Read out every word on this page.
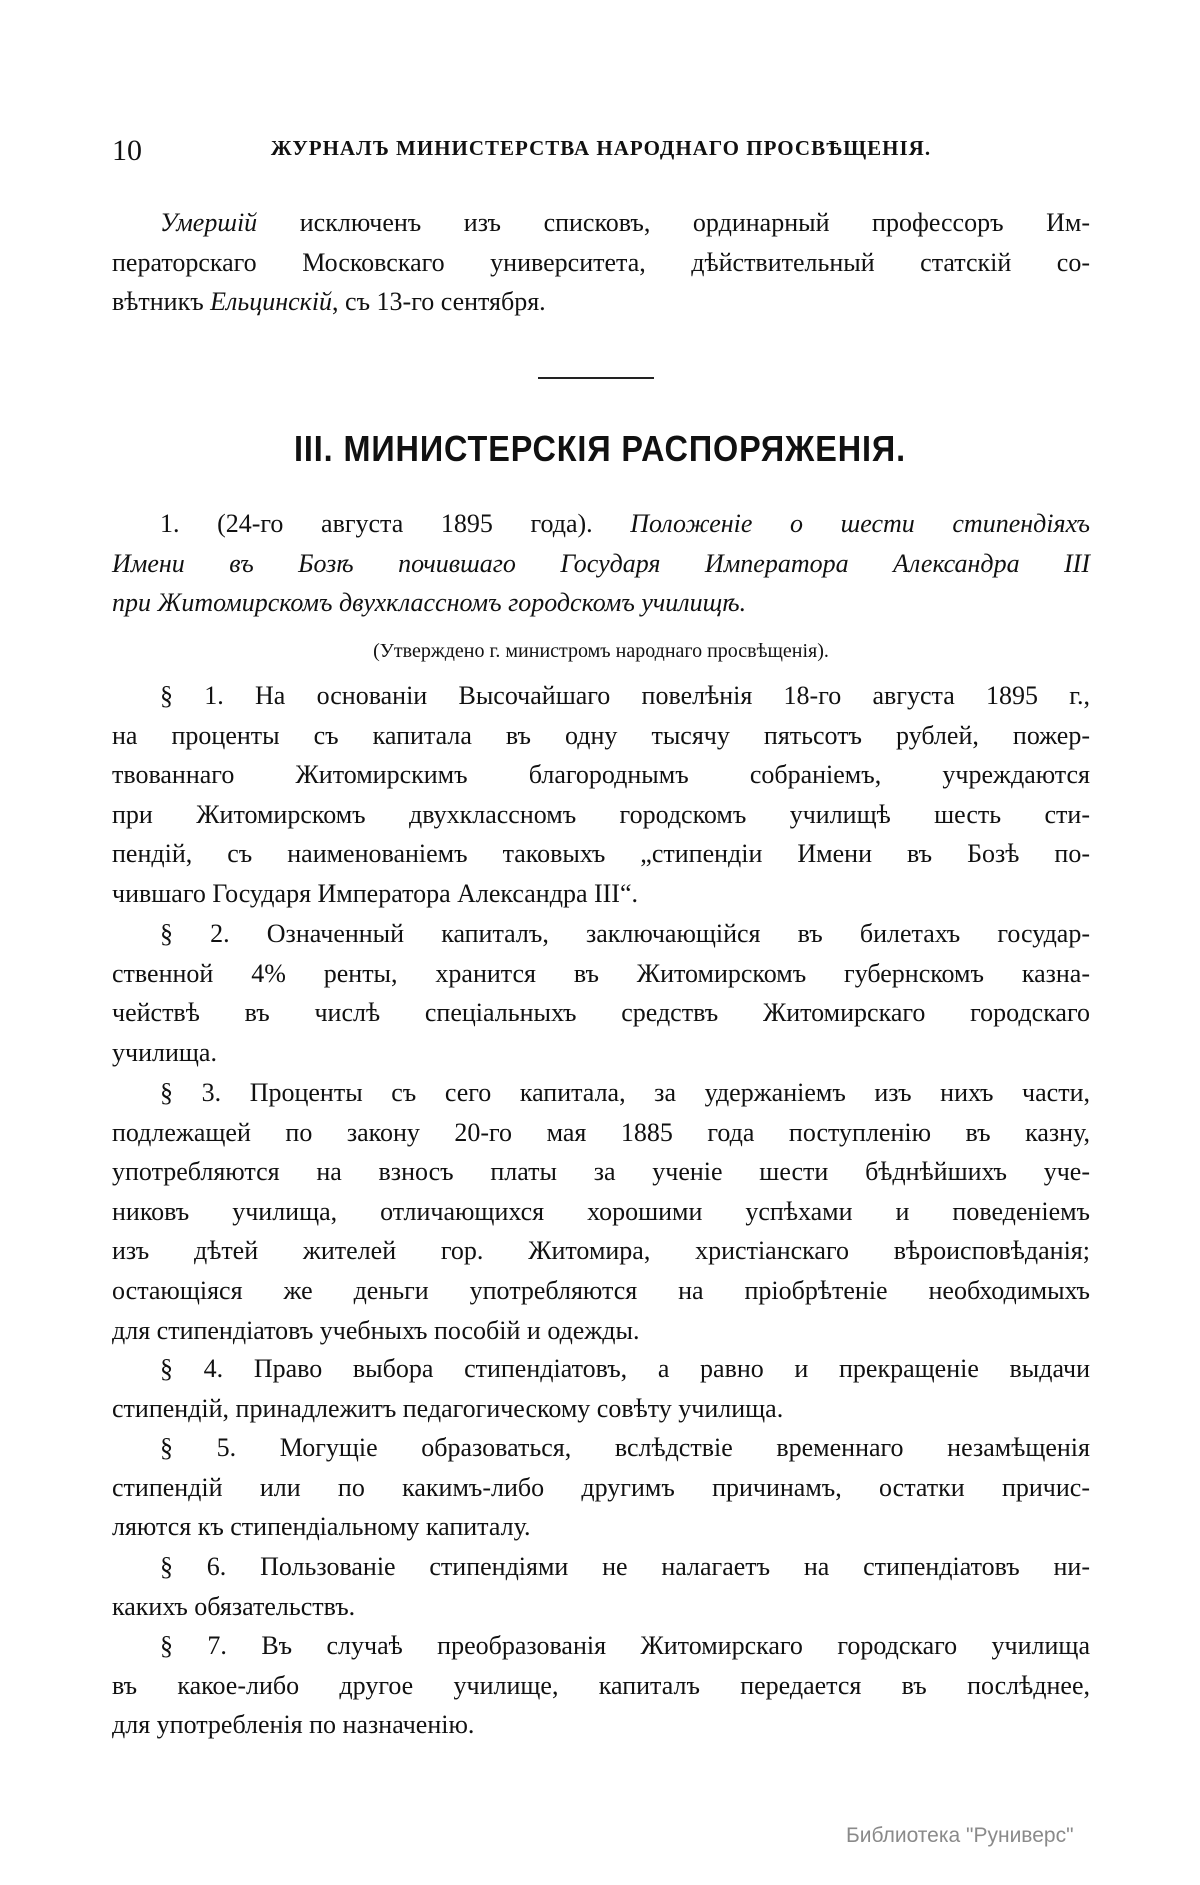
10	ЖУРНАЛЪ МИНИСТЕРСТВА НАРОДНАГО ПРОСВѢЩЕНІЯ.
Умершій исключенъ изъ списковъ, ординарный профессоръ Им-
ператорскаго Московскаго университета, дѣйствительный статскій со-
вѣтникъ Ельцинскій, съ 13-го сентября.
III. МИНИСТЕРСКІЯ РАСПОРЯЖЕНІЯ.
1. (24-го августа 1895 года). Положеніе о шести стипендіяхъ
Имени въ Бозѣ почившаго Государя Императора Александра III
при Житомирскомъ двухклассномъ городскомъ училищѣ.
(Утверждено г. министромъ народнаго просвѣщенія).
§ 1. На основаніи Высочайшаго повелѣнія 18-го августа 1895 г.,
на проценты съ капитала въ одну тысячу пятьсотъ рублей, пожер-
твованнаго Житомирскимъ благороднымъ собраніемъ, учреждаются
при Житомирскомъ двухклассномъ городскомъ училищѣ шесть сти-
пендій, съ наименованіемъ таковыхъ „стипендіи Имени въ Бозѣ по-
чившаго Государя Императора Александра III“.
§ 2. Означенный капиталъ, заключающійся въ билетахъ государ-
ственной 4% ренты, хранится въ Житомирскомъ губернскомъ казна-
чействѣ въ числѣ спеціальныхъ средствъ Житомирскаго городскаго
училища.
§ 3. Проценты съ сего капитала, за удержаніемъ изъ нихъ части,
подлежащей по закону 20-го мая 1885 года поступленію въ казну,
употребляются на взносъ платы за ученіе шести бѣднѣйшихъ уче-
никовъ училища, отличающихся хорошими успѣхами и поведеніемъ
изъ дѣтей жителей гор. Житомира, христіанскаго вѣроисповѣданія;
остающіяся же деньги употребляются на пріобрѣтеніе необходимыхъ
для стипендіатовъ учебныхъ пособій и одежды.
§ 4. Право выбора стипендіатовъ, а равно и прекращеніе выдачи
стипендій, принадлежитъ педагогическому совѣту училища.
§ 5. Могущіе образоваться, вслѣдствіе временнаго незамѣщенія
стипендій или по какимъ-либо другимъ причинамъ, остатки причис-
ляются къ стипендіальному капиталу.
§ 6. Пользованіе стипендіями не налагаетъ на стипендіатовъ ни-
какихъ обязательствъ.
§ 7. Въ случаѣ преобразованія Житомирскаго городскаго училища
въ какое-либо другое училище, капиталъ передается въ послѣднее,
для употребленія по назначенію.
Библиотека "Руниверс"
